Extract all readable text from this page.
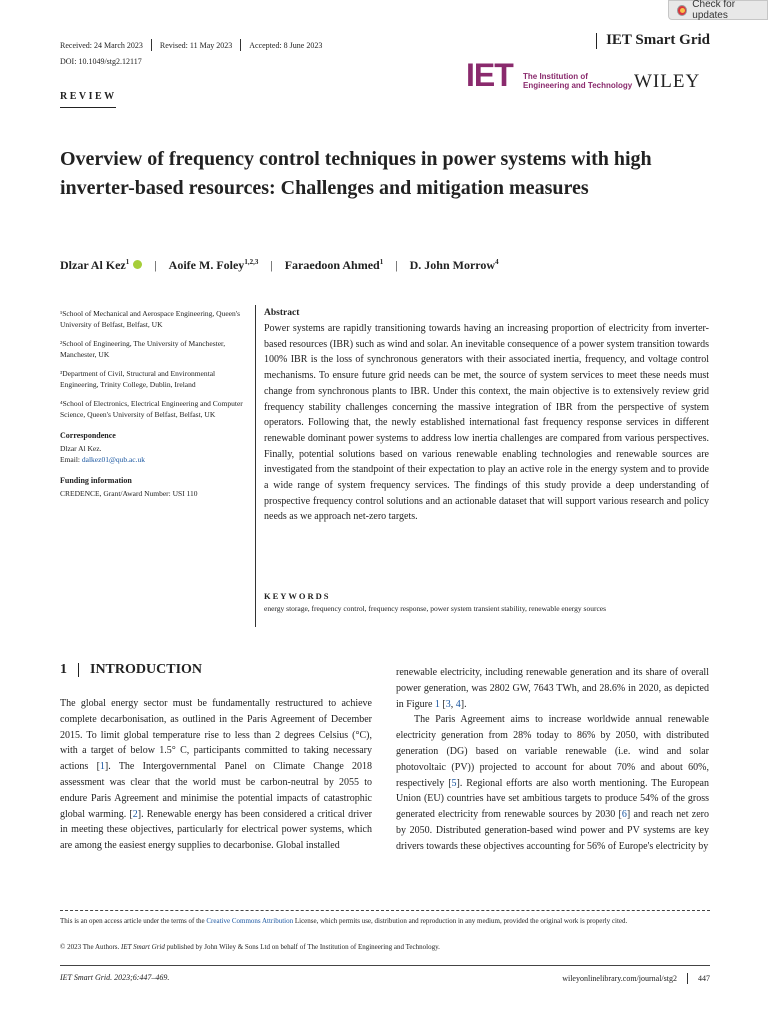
Check for updates
Received: 24 March 2023 Revised: 11 May 2023 Accepted: 8 June 2023	IET Smart Grid
DOI: 10.1049/stg2.12117	IET The Institution of
Engineering and Technology WILEY
REVIEW
Overview of frequency control techniques in power systems with high inverter-based resources: Challenges and mitigation measures
Dlzar Al Kez$^1$ | Aoife M. Foley$^{1,2,3}$ | Faraedoon Ahmed$^1$ | D. John Morrow$^4$

¹School of Mechanical and Aerospace Engineering, Queen's University of Belfast, Belfast, UK

²School of Engineering, The University of Manchester, Manchester, UK

³Department of Civil, Structural and Environmental Engineering, Trinity College, Dublin, Ireland

⁴School of Electronics, Electrical Engineering and Computer Science, Queen's University of Belfast, Belfast, UK

Correspondence

Dlzar Al Kez.
Email: dalkez01@qub.ac.uk

Funding information

CREDENCE, Grant/Award Number: USI 110

Abstract
Power systems are rapidly transitioning towards having an increasing proportion of electricity from inverter-based resources (IBR) such as wind and solar. An inevitable consequence of a power system transition towards 100% IBR is the loss of synchronous generators with their associated inertia, frequency, and voltage control mechanisms. To ensure future grid needs can be met, the source of system services to meet these needs must change from synchronous plants to IBR. Under this context, the main objective is to extensively review grid frequency stability challenges concerning the massive integration of IBR from the perspective of system operators. Following that, the newly established international fast frequency response services in different renewable dominant power systems to address low inertia challenges are compared from various perspectives. Finally, potential solutions based on various renewable enabling technologies and renewable sources are investigated from the standpoint of their expectation to play an active role in the energy system and to provide a wide range of system frequency services. The findings of this study provide a deep understanding of prospective frequency control solutions and an actionable dataset that will support various research and policy needs as we approach net-zero targets.
KEYWORDS
energy storage, frequency control, frequency response, power system transient stability, renewable energy sources
1 INTRODUCTION

The global energy sector must be fundamentally restructured to achieve complete decarbonisation, as outlined in the Paris Agreement of December 2015. To limit global temperature rise to less than 2 degrees Celsius (°C), with a target of below 1.5° C, participants committed to taking necessary actions [1]. The Intergovernmental Panel on Climate Change 2018 assessment was clear that the world must be carbon-neutral by 2055 to endure Paris Agreement and minimise the potential impacts of catastrophic global warming. [2]. Renewable energy has been considered a critical driver in meeting these objectives, particularly for electrical power systems, which are among the easiest energy supplies to decarbonise. Global installed

renewable electricity, including renewable generation and its share of overall power generation, was 2802 GW, 7643 TWh, and 28.6% in 2020, as depicted in Figure 1 [3, 4].

The Paris Agreement aims to increase worldwide annual renewable electricity generation from 28% today to 86% by 2050, with distributed generation (DG) based on variable renewable (i.e. wind and solar photovoltaic (PV)) projected to account for about 70% and about 60%, respectively [5]. Regional efforts are also worth mentioning. The European Union (EU) countries have set ambitious targets to produce 54% of the gross generated electricity from renewable sources by 2030 [6] and reach net zero by 2050. Distributed generation-based wind power and PV systems are key drivers towards these objectives accounting for 56% of Europe's electricity by

This is an open access article under the terms of the Creative Commons Attribution License, which permits use, distribution and reproduction in any medium, provided the original work is properly cited.
© 2023 The Authors. IET Smart Grid published by John Wiley & Sons Ltd on behalf of The Institution of Engineering and Technology.
IET Smart Grid. 2023;6:447–469.	wileyonlinelibrary.com/journal/stg2	447
